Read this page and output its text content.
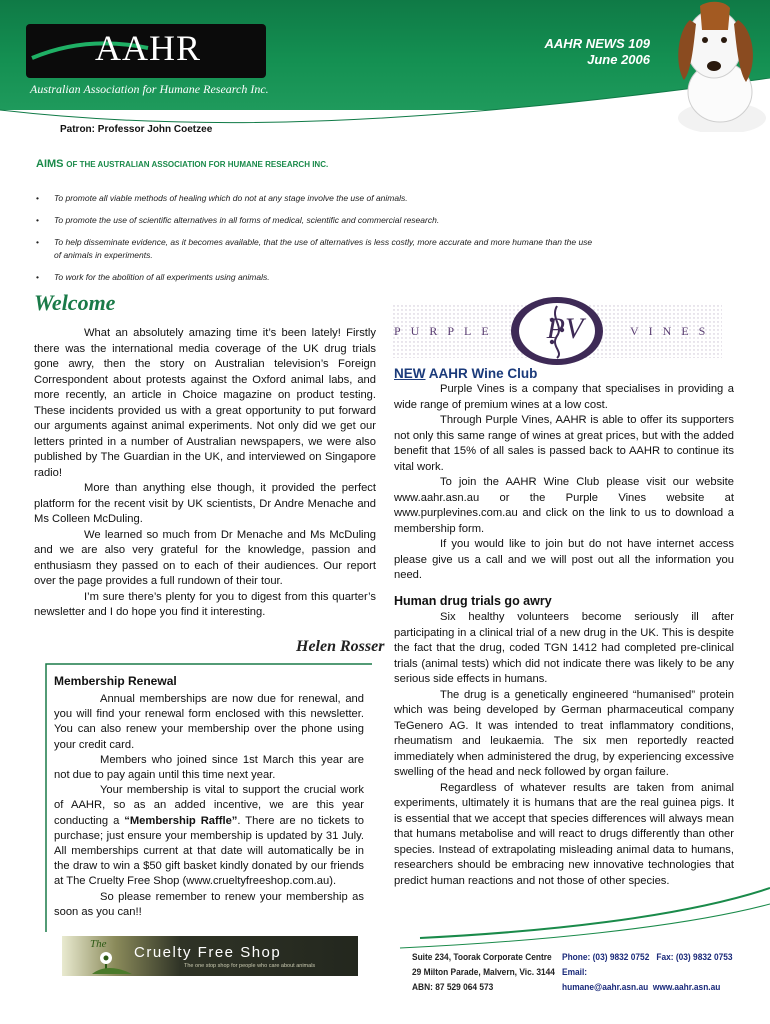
AAHR
Australian Association for Humane Research Inc.
AAHR NEWS 109
June 2006
Patron: Professor John Coetzee
AIMS OF THE AUSTRALIAN ASSOCIATION FOR HUMANE RESEARCH INC.
• To promote all viable methods of healing which do not at any stage involve the use of animals.
• To promote the use of scientific alternatives in all forms of medical, scientific and commercial research.
• To help disseminate evidence, as it becomes available, that the use of alternatives is less costly, more accurate and more humane than the use of animals in experiments.
• To work for the abolition of all experiments using animals.
Welcome

What an absolutely amazing time it’s been lately! Firstly there was the international media coverage of the UK drug trials gone awry, then the story on Australian television’s Foreign Correspondent about protests against the Oxford animal labs, and more recently, an article in Choice magazine on product testing. These incidents provided us with a great opportunity to put forward our arguments against animal experiments. Not only did we get our letters printed in a number of Australian newspapers, we were also published by The Guardian in the UK, and interviewed on Singapore radio!

More than anything else though, it provided the perfect platform for the recent visit by UK scientists, Dr Andre Menache and Ms Colleen McDuling.

We learned so much from Dr Menache and Ms McDuling and we are also very grateful for the knowledge, passion and enthusiasm they passed on to each of their audiences. Our report over the page provides a full rundown of their tour.

I’m sure there’s plenty for you to digest from this quarter’s newsletter and I do hope you find it interesting.

Helen Rosser
Membership Renewal

Annual memberships are now due for renewal, and you will find your renewal form enclosed with this newsletter. You can also renew your membership over the phone using your credit card.

Members who joined since 1st March this year are not due to pay again until this time next year.

Your membership is vital to support the crucial work of AAHR, so as an added incentive, we are this year conducting a “Membership Raffle”. There are no tickets to purchase; just ensure your membership is updated by 31 July. All memberships current at that date will automatically be in the draw to win a $50 gift basket kindly donated by our friends at The Cruelty Free Shop (www.crueltyfreeshop.com.au).

So please remember to renew your membership as soon as you can!!

The Cruelty Free Shop
The one stop shop for people who care about animals
PURPLE	PV	VINES
NEW AAHR Wine Club

Purple Vines is a company that specialises in providing a wide range of premium wines at a low cost.

Through Purple Vines, AAHR is able to offer its supporters not only this same range of wines at great prices, but with the added benefit that 15% of all sales is passed back to AAHR to continue its vital work.

To join the AAHR Wine Club please visit our website www.aahr.asn.au or the Purple Vines website at www.purplevines.com.au and click on the link to us to download a membership form.

If you would like to join but do not have internet access please give us a call and we will post out all the information you need.

Human drug trials go awry

Six healthy volunteers become seriously ill after participating in a clinical trial of a new drug in the UK. This is despite the fact that the drug, coded TGN 1412 had completed pre-clinical trials (animal tests) which did not indicate there was likely to be any serious side effects in humans.

The drug is a genetically engineered “humanised” protein which was being developed by German pharmaceutical company TeGenero AG. It was intended to treat inflammatory conditions, rheumatism and leukaemia. The six men reportedly reacted immediately when administered the drug, by experiencing excessive swelling of the head and neck followed by organ failure.

Regardless of whatever results are taken from animal experiments, ultimately it is humans that are the real guinea pigs. It is essential that we accept that species differences will always mean that humans metabolise and will react to drugs differently than other species. Instead of extrapolating misleading animal data to humans, researchers should be embracing new innovative technologies that predict human reactions and not those of other species.

Suite 234, Toorak Corporate Centre
29 Milton Parade, Malvern, Vic. 3144
ABN: 87 529 064 573
Phone: (03) 9832 0752 Fax: (03) 9832 0753
Email: humane@aahr.asn.au www.aahr.asn.au
